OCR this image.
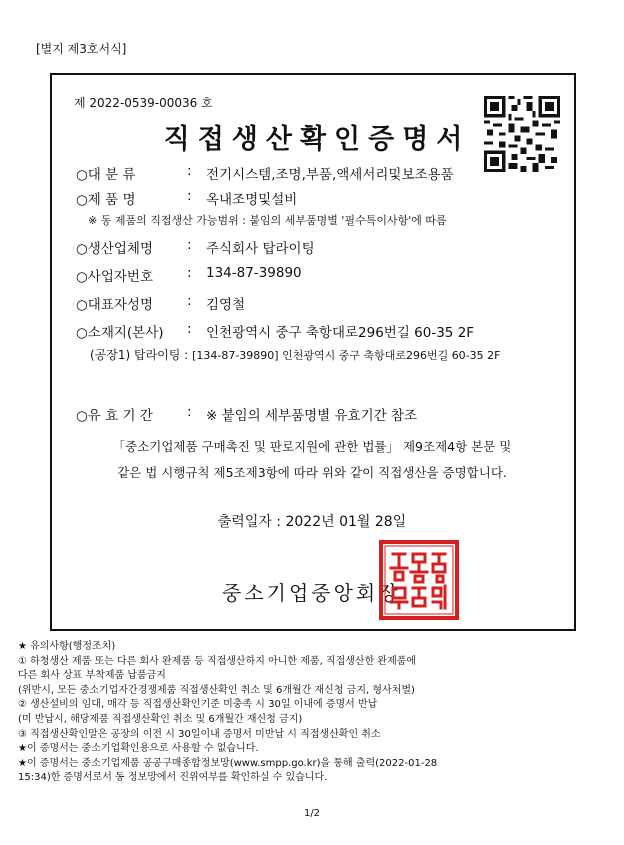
[별지 제3호서식]
제 2022-0539-00036 호
직접생산확인증명서
○대 분 류	: 전기시스템,조명,부품,액세서리및보조용품
○제 품 명	: 옥내조명및설비
※ 동 제품의 직접생산 가능범위 : 붙임의 세부품명별 '필수특이사항'에 따름
○생산업체명	: 주식회사 탑라이팅
○사업자번호	: 134-87-39890
○대표자성명	: 김영철
○소재지(본사) : 인천광역시 중구 축항대로296번길 60-35 2F
(공장1) 탑라이팅 : [134-87-39890] 인천광역시 중구 축항대로296번길 60-35 2F
○유 효 기 간	: ※ 붙임의 세부품명별 유효기간 참조
「중소기업제품 구매촉진 및 판로지원에 관한 법률」 제9조제4항 본문 및
같은 법 시행규칙 제5조제3항에 따라 위와 같이 직접생산을 증명합니다.
출력일자 : 2022년 01월 28일
중소기업중앙회장
★ 유의사항(행정조치)
① 하청생산 제품 또는 다른 회사 완제품 등 직접생산하지 아니한 제품, 직접생산한 완제품에
다른 회사 상표 부착제품 납품금지
(위반시, 모든 중소기업자간경쟁제품 직접생산확인 취소 및 6개월간 재신청 금지, 형사처벌)
② 생산설비의 임대, 매각 등 직접생산확인기준 미충족 시 30일 이내에 증명서 반납
(미 반납시, 해당제품 직접생산확인 취소 및 6개월간 재신청 금지)
③ 직접생산확인말은 공장의 이전 시 30일이내 증명서 미반납 시 직접생산확인 취소
★이 증명서는 중소기업확인용으로 사용할 수 없습니다.
★이 증명서는 중소기업제품 공공구매종합정보망(www.smpp.go.kr)을 통해 출력(2022-01-28
15:34)한 증명서로서 동 정보망에서 진위여부를 확인하실 수 있습니다.
1/2
